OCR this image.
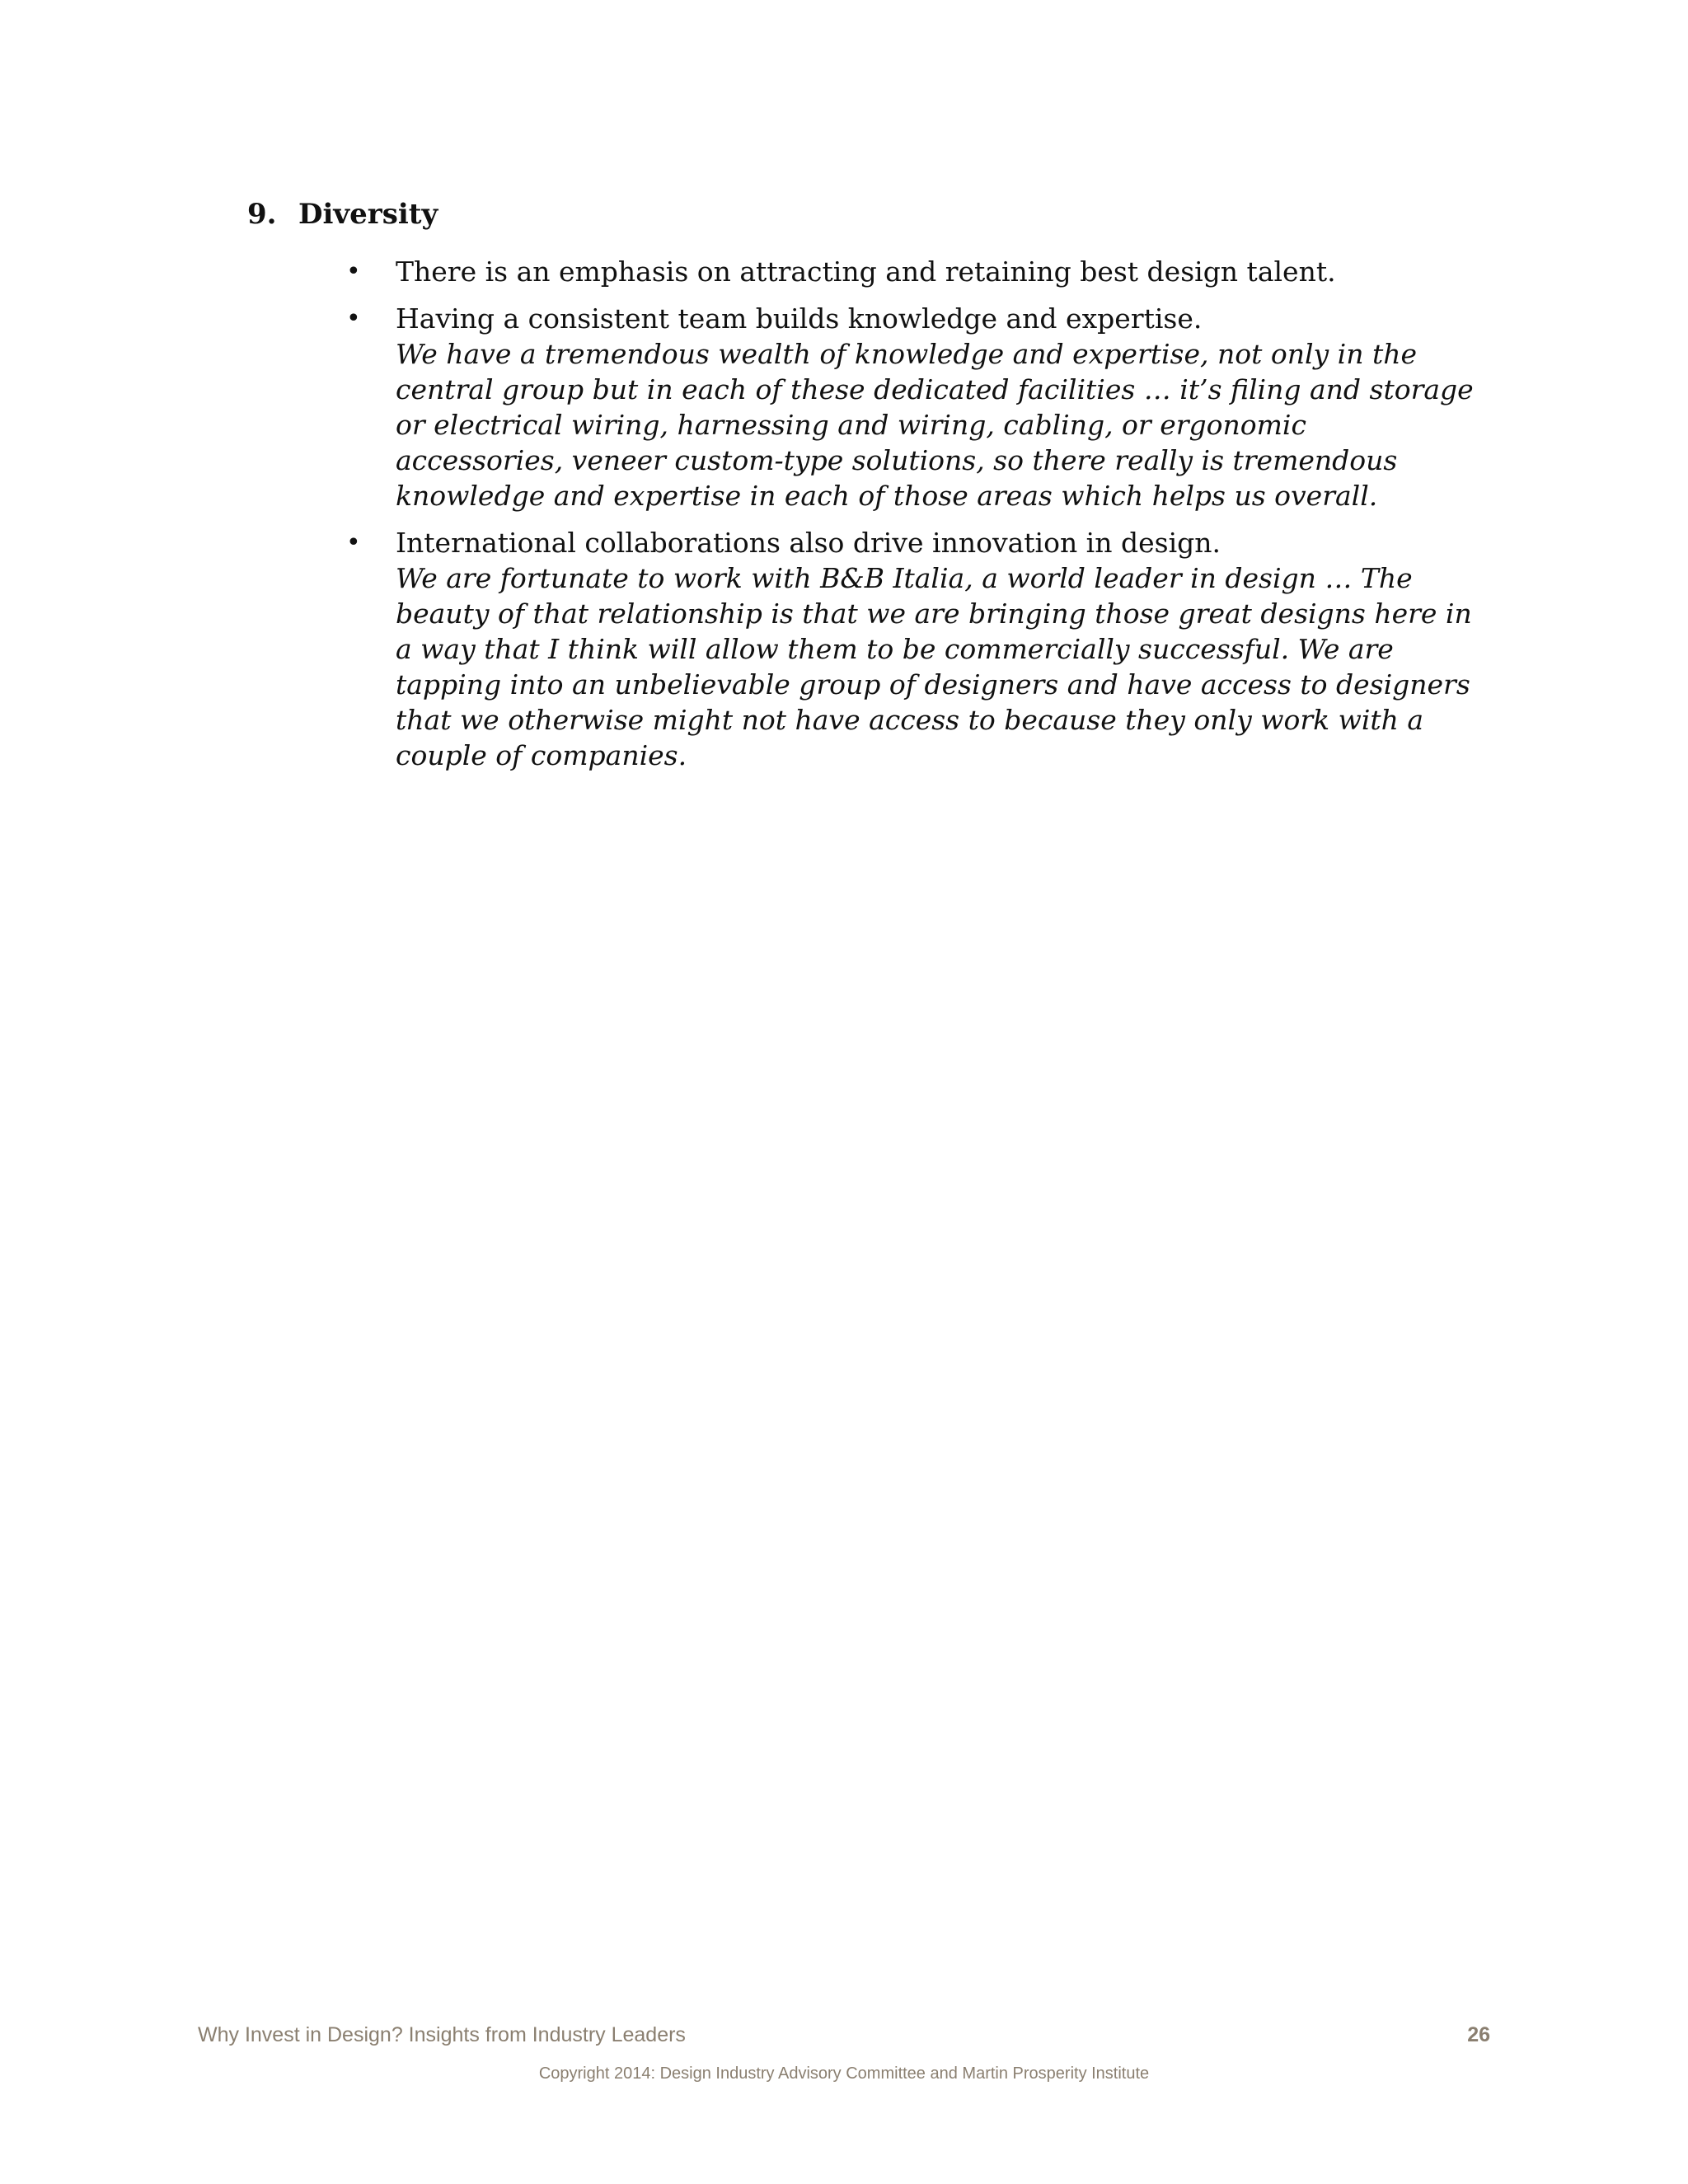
9. Diversity
•	There is an emphasis on attracting and retaining best design talent.
•	Having a consistent team builds knowledge and expertise.
We have a tremendous wealth of knowledge and expertise, not only in the central group but in each of these dedicated facilities … it’s filing and storage or electrical wiring, harnessing and wiring, cabling, or ergonomic accessories, veneer custom-type solutions, so there really is tremendous knowledge and expertise in each of those areas which helps us overall.
•	International collaborations also drive innovation in design.
We are fortunate to work with B&B Italia, a world leader in design … The beauty of that relationship is that we are bringing those great designs here in a way that I think will allow them to be commercially successful. We are tapping into an unbelievable group of designers and have access to designers that we otherwise might not have access to because they only work with a couple of companies.
Why Invest in Design? Insights from Industry Leaders	26
Copyright 2014: Design Industry Advisory Committee and Martin Prosperity Institute
